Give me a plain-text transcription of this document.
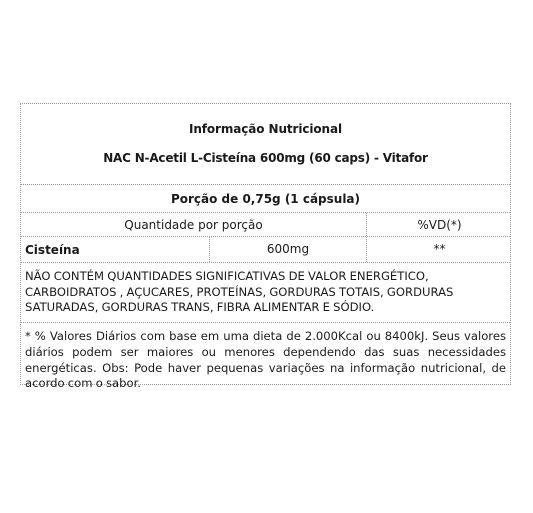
Informação Nutricional
NAC N-Acetil L-Cisteína 600mg (60 caps) - Vitafor
Porção de 0,75g (1 cápsula)
Quantidade por porção	%VD(*)
Cisteína	600mg	**
NÃO CONTÉM QUANTIDADES SIGNIFICATIVAS DE VALOR ENERGÉTICO, CARBOIDRATOS , AÇUCARES, PROTEÍNAS, GORDURAS TOTAIS, GORDURAS SATURADAS, GORDURAS TRANS, FIBRA ALIMENTAR E SÓDIO.
* % Valores Diários com base em uma dieta de 2.000Kcal ou 8400kJ. Seus valores diários podem ser maiores ou menores dependendo das suas necessidades energéticas. Obs: Pode haver pequenas variações na informação nutricional, de acordo com o sabor.
